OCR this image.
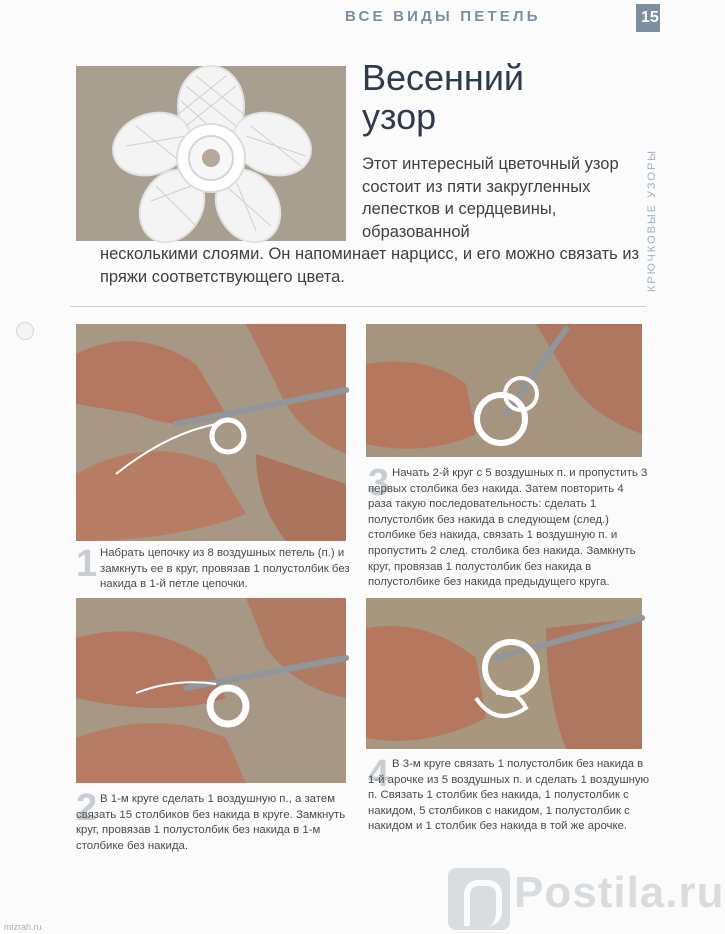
ВСЕ ВИДЫ ПЕТЕЛЬ	15
КРЮЧКОВЫЕ УЗОРЫ
Весенний
узор

Этот интересный цветочный узор состоит из пяти закругленных лепестков и сердцевины, образованной

несколькими слоями. Он напоминает нарцисс, и его можно связать из пряжи соответствующего цвета.

1 Набрать цепочку из 8 воздушных петель (п.) и замкнуть ее в круг, провязав 1 полустолбик без накида в 1-й петле цепочки.

3 Начать 2-й круг с 5 воздушных п. и пропустить 3 первых столбика без накида. Затем повторить 4 раза такую последовательность: сделать 1 полустолбик без накида в следующем (след.) столбике без накида, связать 1 воздушную п. и пропустить 2 след. столбика без накида. Замкнуть круг, провязав 1 полустолбик без накида в полустолбике без накида предыдущего круга.

2 В 1-м круге сделать 1 воздушную п., а затем связать 15 столбиков без накида в круге. Замкнуть круг, провязав 1 полустолбик без накида в 1-м столбике без накида.

4 В 3-м круге связать 1 полустолбик без накида в 1-й арочке из 5 воздушных п. и сделать 1 воздушную п. Связать 1 столбик без накида, 1 полустолбик с накидом, 5 столбиков с накидом, 1 полустолбик с накидом и 1 столбик без накида в той же арочке.

Postila.ru
mizrah.ru
